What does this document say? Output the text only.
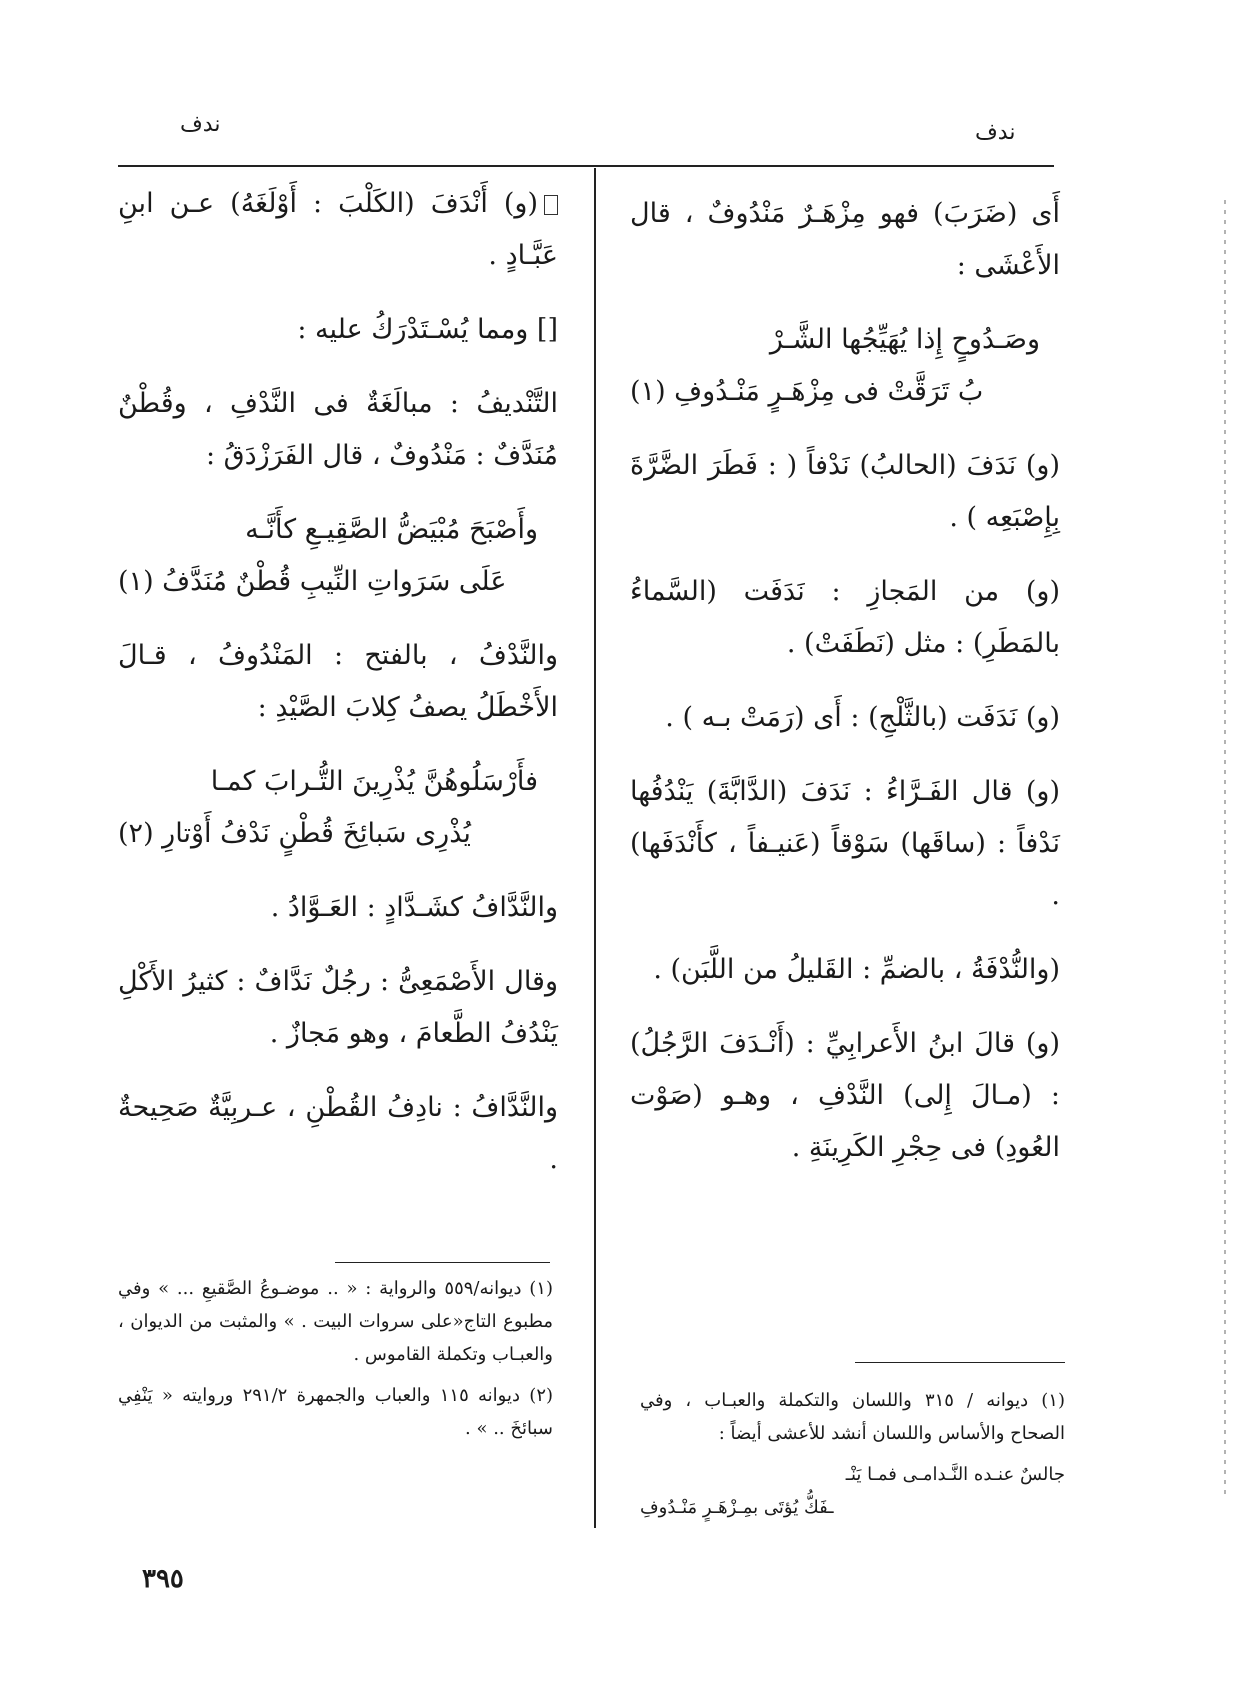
ندف	ندف

أَى (ضَرَبَ) فهو مِزْهَـرٌ مَنْدُوفٌ ، قال الأَعْشَى :

وصَـدُوحٍ إِذا يُهَيِّجُها الشَّـرْ
بُ تَرَقَّتْ فى مِزْهَـرٍ مَنْـدُوفِ (١)

(و) نَدَفَ (الحالبُ) نَدْفاً ( : فَطَرَ الضَّرَّةَ بِإِصْبَعِه ) .

(و) من المَجازِ : نَدَفَت (السَّماءُ بالمَطَرِ) : مثل (نَطَفَتْ) .

(و) نَدَفَت (بالثَّلْجِ) : أَى (رَمَتْ بـه ) .

(و) قال الفَـرَّاءُ : نَدَفَ (الدَّابَّةَ) يَنْدُفُها نَدْفاً : (ساقَها) سَوْقاً (عَنيـفاً ، كأَنْدَفَها) .

(والنُّدْفَةُ ، بالضمِّ : القَليلُ من اللَّبَن) .

(و) قالَ ابنُ الأَعرابِيِّ : (أَنْـدَفَ الرَّجُلُ) : (مـالَ إِلى) النَّدْفِ ، وهـو (صَوْت العُودِ) فى حِجْرِ الكَرِينَةِ .

(١) ديوانه / ٣١٥ واللسان والتكملة والعبـاب ، وفي الصحاح والأساس واللسان أنشد للأعشى أيضاً :

جالسٌ عنـده النَّـدامـى فمـا يَنْـ
ـفَكُّ يُؤتَى بمِـزْهَـرٍ مَنْـدُوفِ

(و) أَنْدَفَ (الكَلْبَ : أَوْلَغَهُ) عـن ابنِ عَبَّـادٍ .

[] ومما يُسْـتَدْرَكُ عليه :

التَّنْديفُ : مبالَغَةٌ فى النَّدْفِ ، وقُطْنٌ مُنَدَّفٌ : مَنْدُوفٌ ، قال الفَرَزْدَقُ :

وأَصْبَحَ مُبْيَضُّ الصَّقِيـعِ كأَنَّـه
عَلَى سَرَواتِ النِّيبِ قُطْنٌ مُنَدَّفُ (١)

والنَّدْفُ ، بالفتح : المَنْدُوفُ ، قـالَ الأَخْطَلُ يصفُ كِلابَ الصَّيْدِ :

فأَرْسَلُوهُنَّ يُذْرِينَ التُّـرابَ كمـا
يُذْرِى سَبائِخَ قُطْنٍ نَدْفُ أَوْتارِ (٢)

والنَّدَّافُ كشَـدَّادٍ : العَـوَّادُ .

وقال الأَصْمَعِىُّ : رجُلٌ نَدَّافٌ : كثيرُ الأَكْلِ يَنْدُفُ الطَّعامَ ، وهو مَجازٌ .

والنَّدَّافُ : نادِفُ القُطْنِ ، عـربِيَّةٌ صَحِيحةٌ .

(١) ديوانه/٥٥٩ والرواية : « .. موضـوعُ الصَّقيعِ ... » وفي مطبوع التاج«على سروات البيت . » والمثبت من الديوان ، والعبـاب وتكملة القاموس .

(٢) ديوانه ١١٥ والعباب والجمهرة ٢٩١/٢ وروايته « يَنْفِي سبائخَ .. » .

٣٩٥
